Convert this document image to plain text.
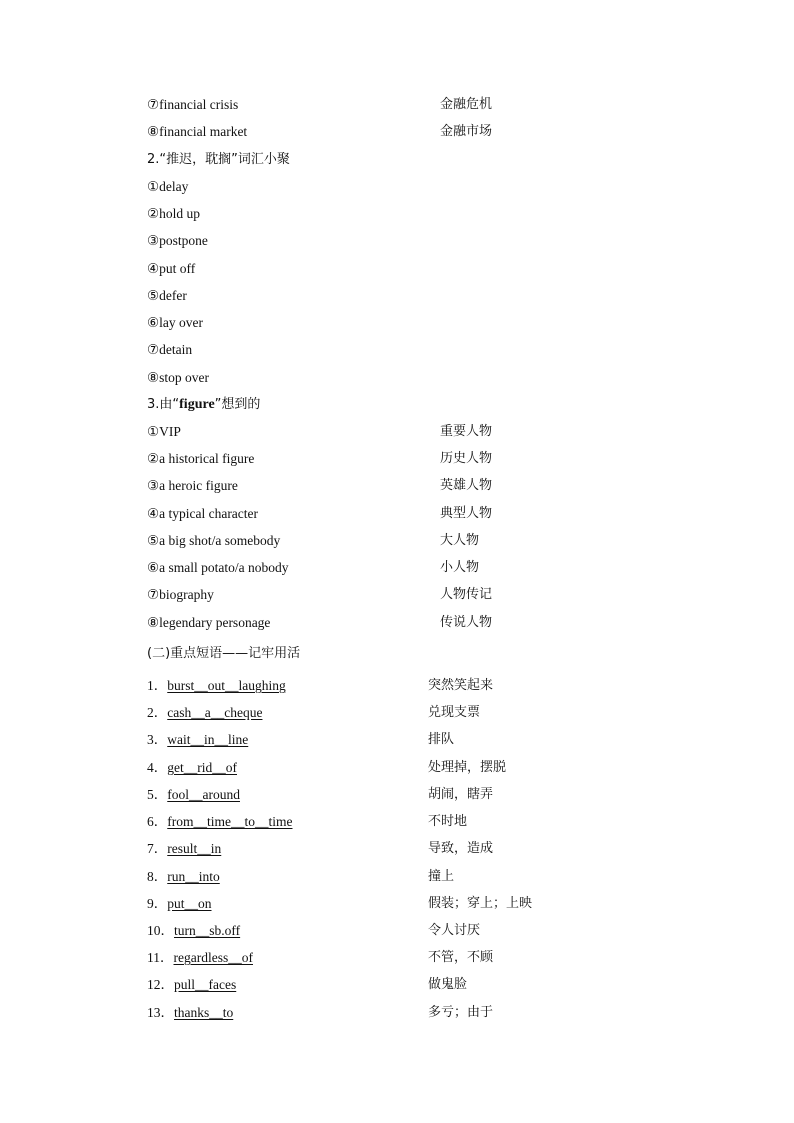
⑦financial crisis	金融危机
⑧financial market	金融市场
2.“推迟，耽搁”词汇小聚
①delay
②hold up
③postpone
④put off
⑤defer
⑥lay over
⑦detain
⑧stop over
3.由“figure”想到的
①VIP	重要人物
②a historical figure	历史人物
③a heroic figure	英雄人物
④a typical character	典型人物
⑤a big shot/a somebody	大人物
⑥a small potato/a nobody	小人物
⑦biography	人物传记
⑧legendary personage	传说人物
(二)重点短语——记牢用活
1．burst__out__laughing	突然笑起来
2．cash__a__cheque	兑现支票
3．wait__in__line	排队
4．get__rid__of	处理掉，摆脱
5．fool__around	胡闹，瞎弄
6．from__time__to__time	不时地
7．result__in	导致，造成
8．run__into	撞上
9．put__on	假装；穿上；上映
10．turn__sb.off	令人讨厌
11．regardless__of	不管，不顾
12．pull__faces	做鬼脸
13．thanks__to	多亏；由于
